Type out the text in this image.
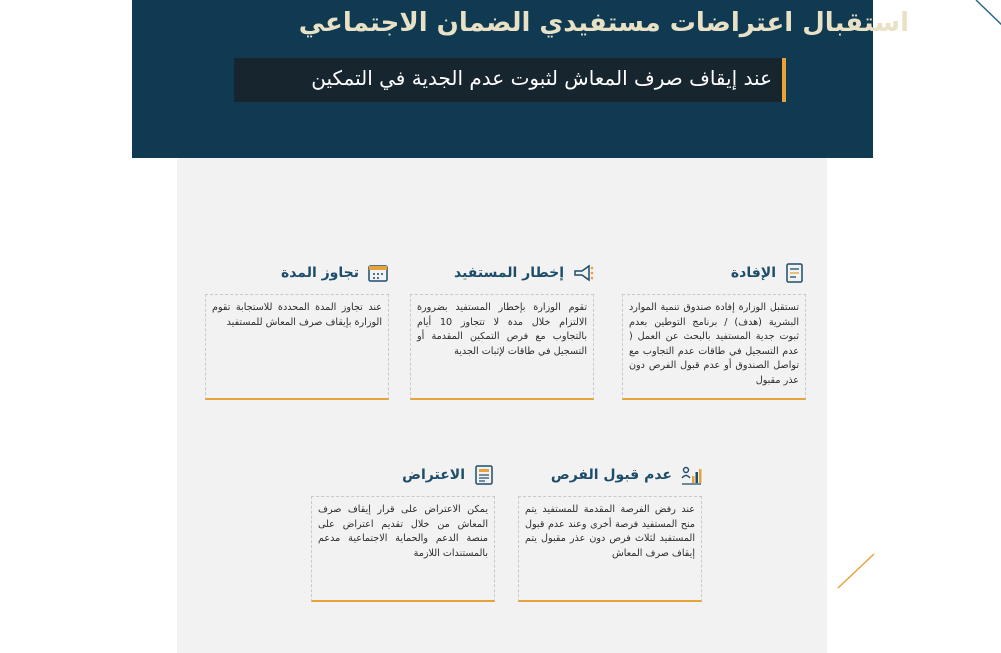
استقبال اعتراضات مستفيدي الضمان الاجتماعي
عند إيقاف صرف المعاش لثبوت عدم الجدية في التمكين
الإفادة
تستقبل الوزارة إفادة صندوق تنمية الموارد البشرية (هدف) / برنامج التوطين بعدم ثبوت جدية المستفيد بالبحث عن العمل ( عدم التسجيل في طاقات عدم التجاوب مع تواصل الصندوق أو عدم قبول الفرص دون عذر مقبول
إخطار المستفيد
تقوم الوزارة بإخطار المستفيد بضرورة الالتزام خلال مدة لا تتجاوز 10 أيام بالتجاوب مع فرص التمكين المقدمة أو التسجيل في طاقات لإثبات الجدية
تجاوز المدة
عند تجاوز المدة المحددة للاستجابة تقوم الوزارة بإيقاف صرف المعاش للمستفيد
عدم قبول الفرص
عند رفض الفرصة المقدمة للمستفيد يتم منح المستفيد فرصة أخرى وعند عدم قبول المستفيد لثلاث فرص دون عذر مقبول يتم إيقاف صرف المعاش
الاعتراض
يمكن الاعتراض على قرار إيقاف صرف المعاش من خلال تقديم اعتراض على منصة الدعم والحماية الاجتماعية مدعم بالمستندات اللازمة
